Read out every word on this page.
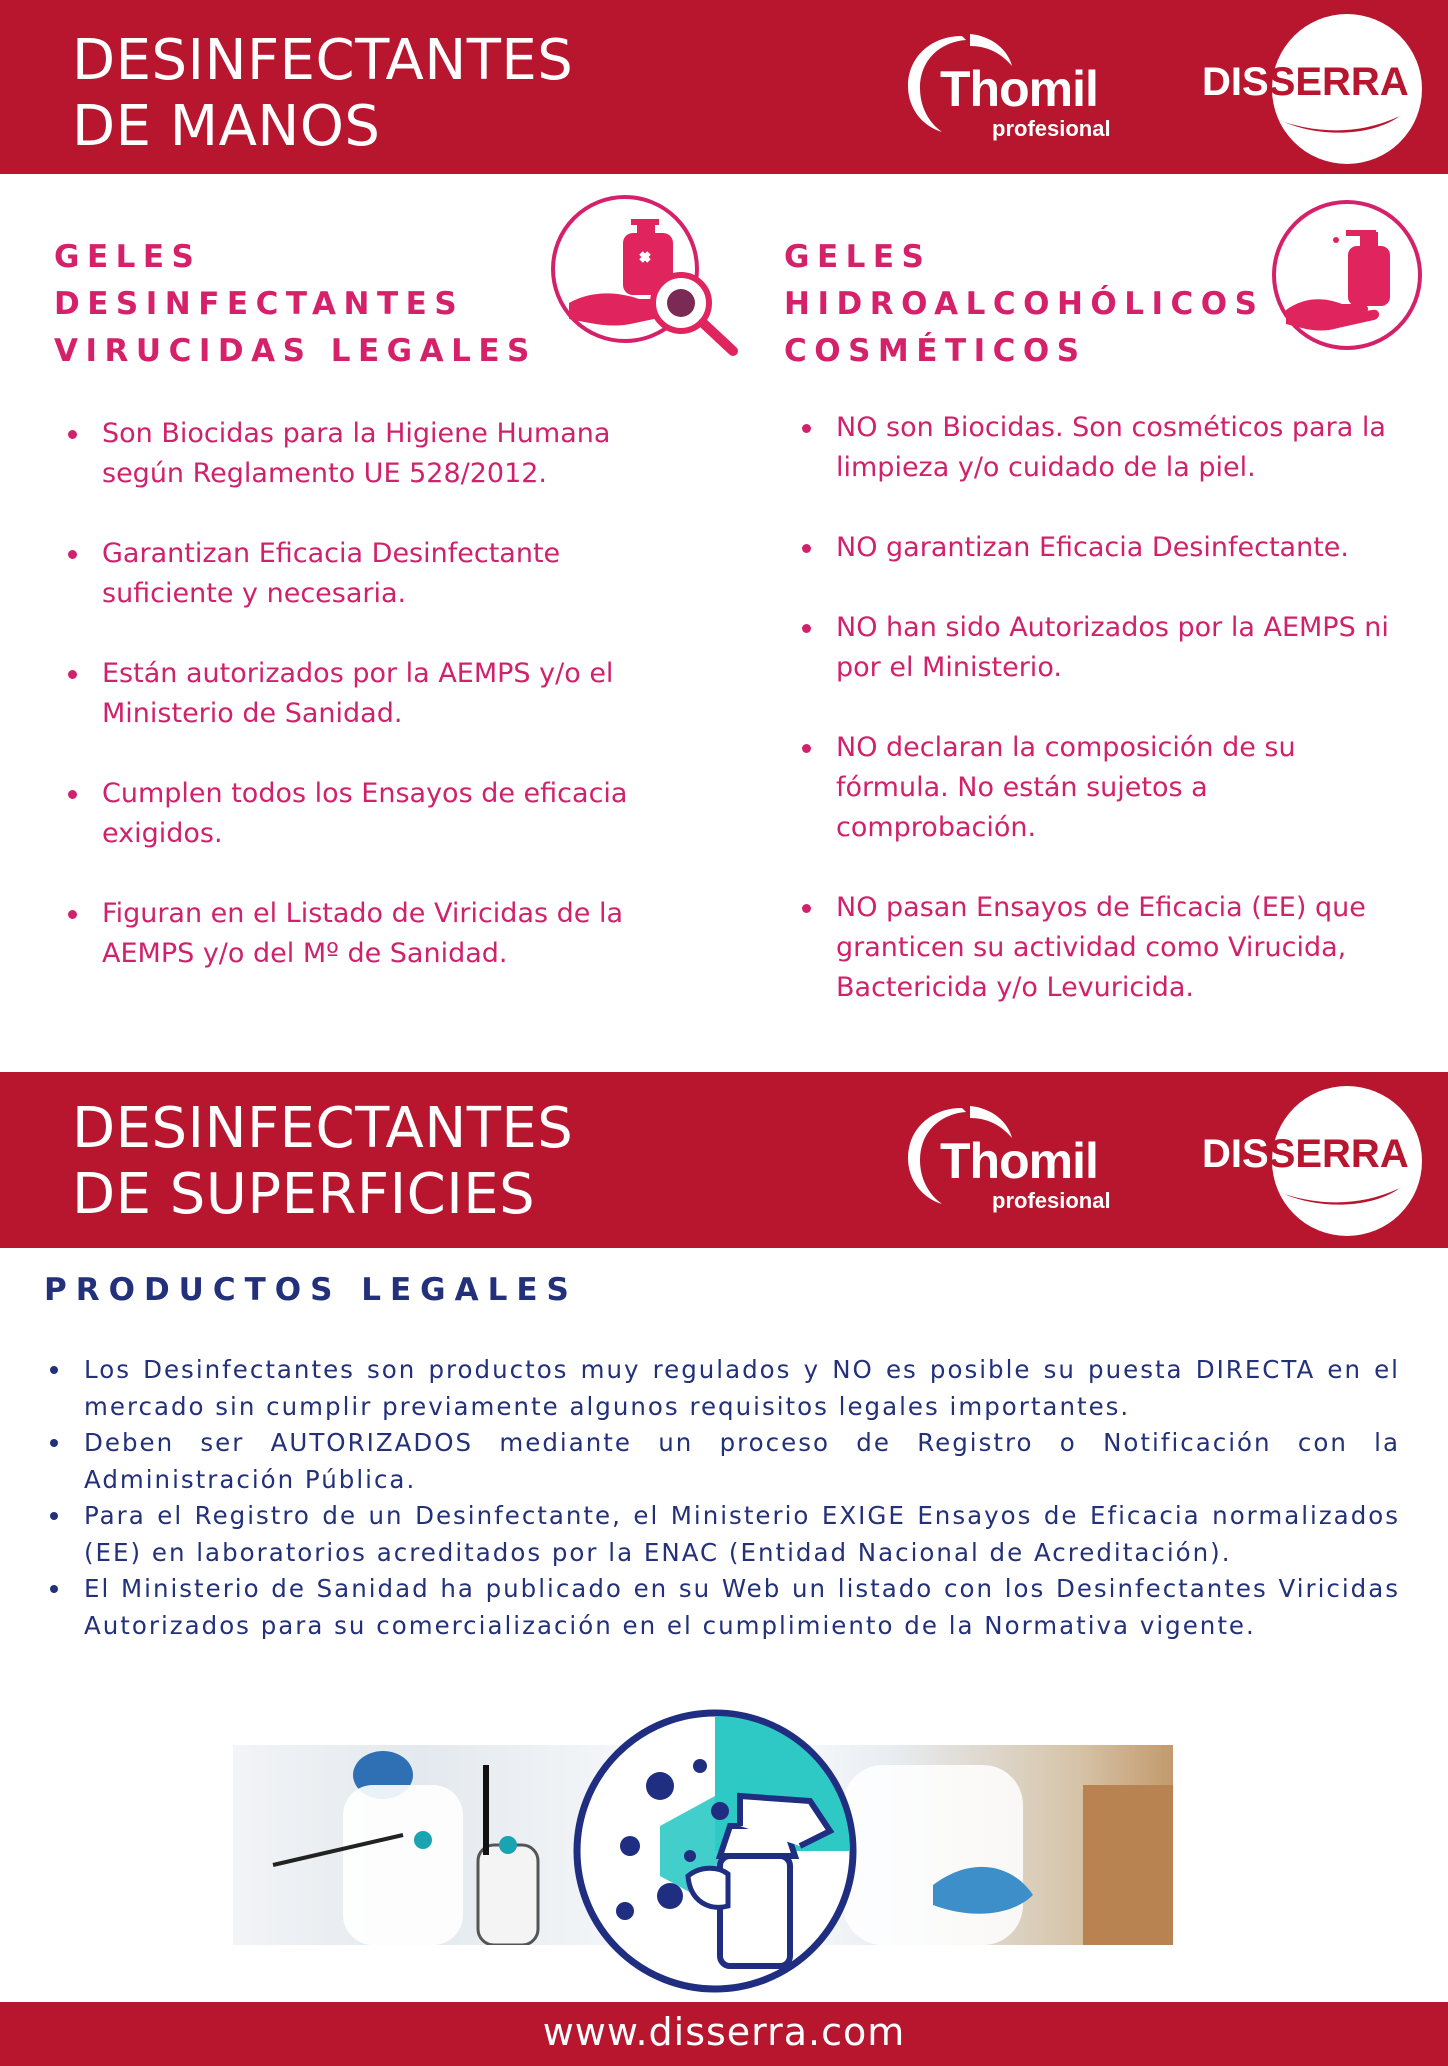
DESINFECTANTES
DE MANOS
Thomil
profesional
DISSERRA
GELES
DESINFECTANTES
VIRUCIDAS LEGALES
Son Biocidas para la Higiene Humana según Reglamento UE 528/2012.
Garantizan Eficacia Desinfectante suficiente y necesaria.
Están autorizados por la AEMPS y/o el Ministerio de Sanidad.
Cumplen todos los Ensayos de eficacia exigidos.
Figuran en el Listado de Viricidas de la AEMPS y/o del Mº de Sanidad.
GELES
HIDROALCOHÓLICOS
COSMÉTICOS
NO son Biocidas. Son cosméticos para la limpieza y/o cuidado de la piel.
NO garantizan Eficacia Desinfectante.
NO han sido Autorizados por la AEMPS ni por el Ministerio.
NO declaran la composición de su fórmula. No están sujetos a comprobación.
NO pasan Ensayos de Eficacia (EE) que granticen su actividad como Virucida, Bactericida y/o Levuricida.
DESINFECTANTES
DE SUPERFICIES
Thomil
profesional
DISSERRA
PRODUCTOS LEGALES
Los Desinfectantes son productos muy regulados y NO es posible su puesta DIRECTA en el mercado sin cumplir previamente algunos requisitos legales importantes.
Deben ser AUTORIZADOS mediante un proceso de Registro o Notificación con la Administración Pública.
Para el Registro de un Desinfectante, el Ministerio EXIGE Ensayos de Eficacia normalizados (EE) en laboratorios acreditados por la ENAC (Entidad Nacional de Acreditación).
El Ministerio de Sanidad ha publicado en su Web un listado con los Desinfectantes Viricidas Autorizados para su comercialización en el cumplimiento de la Normativa vigente.
www.disserra.com
